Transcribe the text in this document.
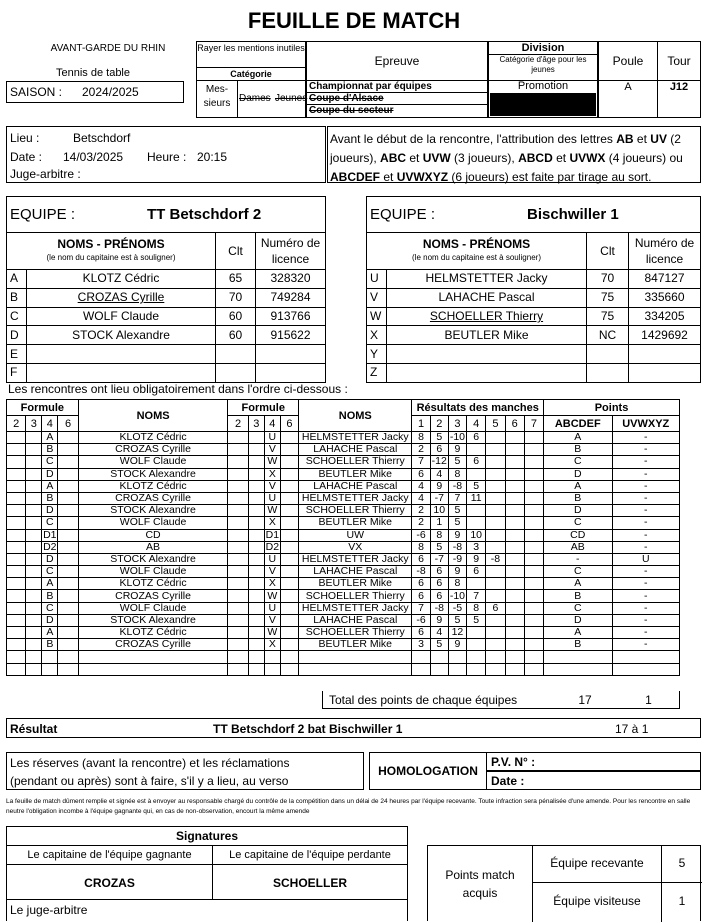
FEUILLE DE MATCH
AVANT-GARDE DU RHIN
Tennis de table
SAISON : 2024/2025
Rayer les mentions inutiles
Catégorie
Mes-sieurs Dames Jeunes
Epreuve
Championnat par équipes
Coupe d'Alsace
Coupe du secteur
Division
Catégorie d'âge pour les jeunes
Promotion
Poule
A
Tour
J12
Lieu :	Betschdorf
Date : 14/03/2025 Heure : 20:15
Juge-arbitre :
Avant le début de la rencontre, l'attribution des lettres AB et UV (2 joueurs), ABC et UVW (3 joueurs), ABCD et UVWX (4 joueurs) ou ABCDEF et UVWXYZ (6 joueurs) est faite par tirage au sort.
EQUIPE :	TT Betschdorf 2
NOMS - PRÉNOMS
(le nom du capitaine est à souligner)		Clt	Numéro de licence
A	KLOTZ Cédric	65	328320
B	CROZAS Cyrille	70	749284
C	WOLF Claude	60	913766
D	STOCK Alexandre	60	915622
E			
F			
EQUIPE :	Bischwiller 1
NOMS - PRÉNOMS
(le nom du capitaine est à souligner)		Clt	Numéro de licence
U	HELMSTETTER Jacky	70	847127
V	LAHACHE Pascal	75	335660
W	SCHOELLER Thierry	75	334205
X	BEUTLER Mike	NC	1429692
Y			
Z			
Les rencontres ont lieu obligatoirement dans l'ordre ci-dessous :
Formule				NOMS	Formule				NOMS	Résultats des manches							Points	
2	3	4	6		2	3	4	6		1	2	3	4	5	6	7	ABCDEF	UVWXYZ
		A		KLOTZ Cédric			U		HELMSTETTER Jacky	8	5	-10	6				A	-
		B		CROZAS Cyrille			V		LAHACHE Pascal	2	6	9					B	-
		C		WOLF Claude			W		SCHOELLER Thierry	7	-12	5	6				C	-
		D		STOCK Alexandre			X		BEUTLER Mike	6	4	8					D	-
		A		KLOTZ Cédric			V		LAHACHE Pascal	4	9	-8	5				A	-
		B		CROZAS Cyrille			U		HELMSTETTER Jacky	4	-7	7	11				B	-
		D		STOCK Alexandre			W		SCHOELLER Thierry	2	10	5					D	-
		C		WOLF Claude			X		BEUTLER Mike	2	1	5					C	-
		D1		CD			D1		UW	-6	8	9	10				CD	-
		D2		AB			D2		VX	8	5	-8	3				AB	-
		D		STOCK Alexandre			U		HELMSTETTER Jacky	6	-7	-9	9	-8			-	U
		C		WOLF Claude			V		LAHACHE Pascal	-8	6	9	6				C	-
		A		KLOTZ Cédric			X		BEUTLER Mike	6	6	8					A	-
		B		CROZAS Cyrille			W		SCHOELLER Thierry	6	6	-10	7				B	-
		C		WOLF Claude			U		HELMSTETTER Jacky	7	-8	-5	8	6			C	-
		D		STOCK Alexandre			V		LAHACHE Pascal	-6	9	5	5				D	-
		A		KLOTZ Cédric			W		SCHOELLER Thierry	6	4	12					A	-
		B		CROZAS Cyrille			X		BEUTLER Mike	3	5	9					B	-

Total des points de chaque équipes	17	1
Résultat	TT Betschdorf 2 bat Bischwiller 1	17 à 1
Les réserves (avant la rencontre) et les réclamations
(pendant ou après) sont à faire, s'il y a lieu, au verso
HOMOLOGATION
P.V. N° :
Date :
La feuille de match dûment remplie et signée est à envoyer au responsable chargé du contrôle de la compétition dans un délai de 24 heures par l'équipe recevante. Toute infraction sera pénalisée d'une amende. Pour les rencontre en salle neutre l'obligation incombe à l'équipe gagnante qui, en cas de non-observation, encourt la même amende
Signatures
Le capitaine de l'équipe gagnante	Le capitaine de l'équipe perdante
CROZAS	SCHOELLER
Le juge-arbitre
Points match acquis
Équipe recevante	5
Équipe visiteuse	1
